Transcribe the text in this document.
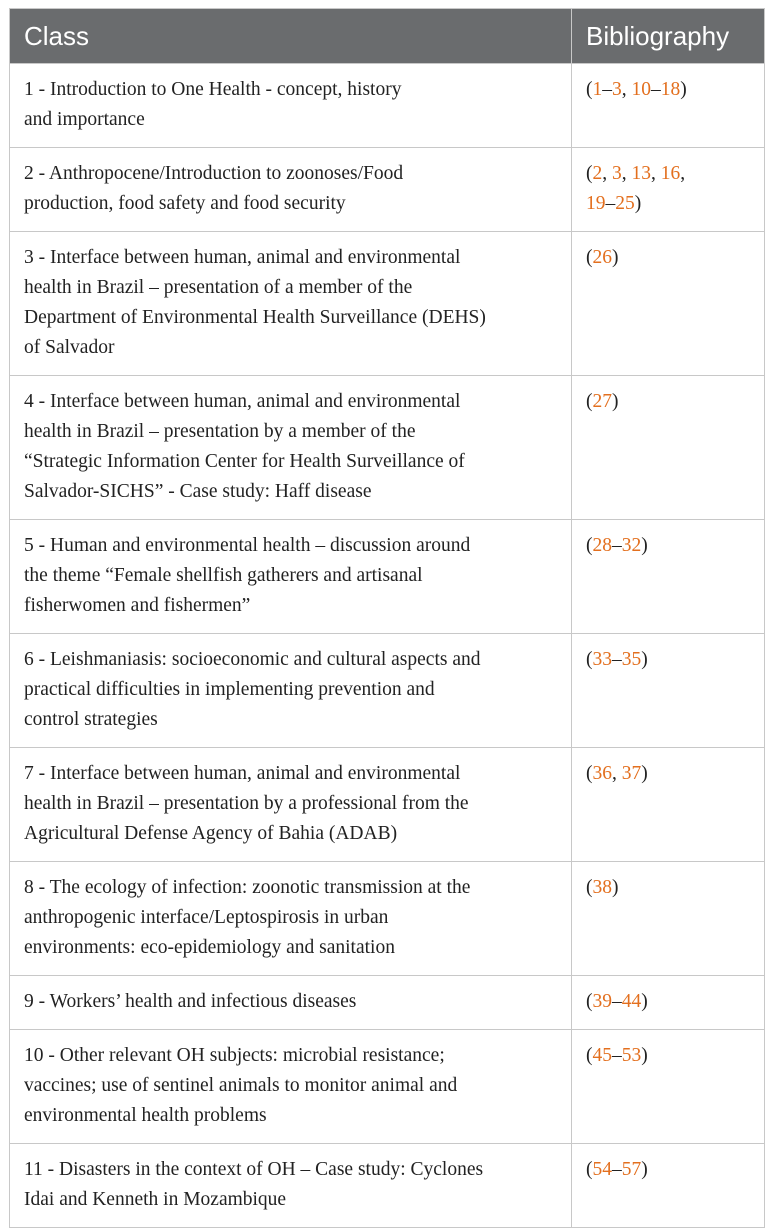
Class	Bibliography
1 - Introduction to One Health - concept, history
and importance	(1–3, 10–18)
2 - Anthropocene/Introduction to zoonoses/Food
production, food safety and food security	(2, 3, 13, 16,
19–25)
3 - Interface between human, animal and environmental
health in Brazil – presentation of a member of the
Department of Environmental Health Surveillance (DEHS)
of Salvador	(26)
4 - Interface between human, animal and environmental
health in Brazil – presentation by a member of the
“Strategic Information Center for Health Surveillance of
Salvador-SICHS” - Case study: Haff disease	(27)
5 - Human and environmental health – discussion around
the theme “Female shellfish gatherers and artisanal
fisherwomen and fishermen”	(28–32)
6 - Leishmaniasis: socioeconomic and cultural aspects and
practical difficulties in implementing prevention and
control strategies	(33–35)
7 - Interface between human, animal and environmental
health in Brazil – presentation by a professional from the
Agricultural Defense Agency of Bahia (ADAB)	(36, 37)
8 - The ecology of infection: zoonotic transmission at the
anthropogenic interface/Leptospirosis in urban
environments: eco-epidemiology and sanitation	(38)
9 - Workers’ health and infectious diseases	(39–44)
10 - Other relevant OH subjects: microbial resistance;
vaccines; use of sentinel animals to monitor animal and
environmental health problems	(45–53)
11 - Disasters in the context of OH – Case study: Cyclones
Idai and Kenneth in Mozambique	(54–57)
